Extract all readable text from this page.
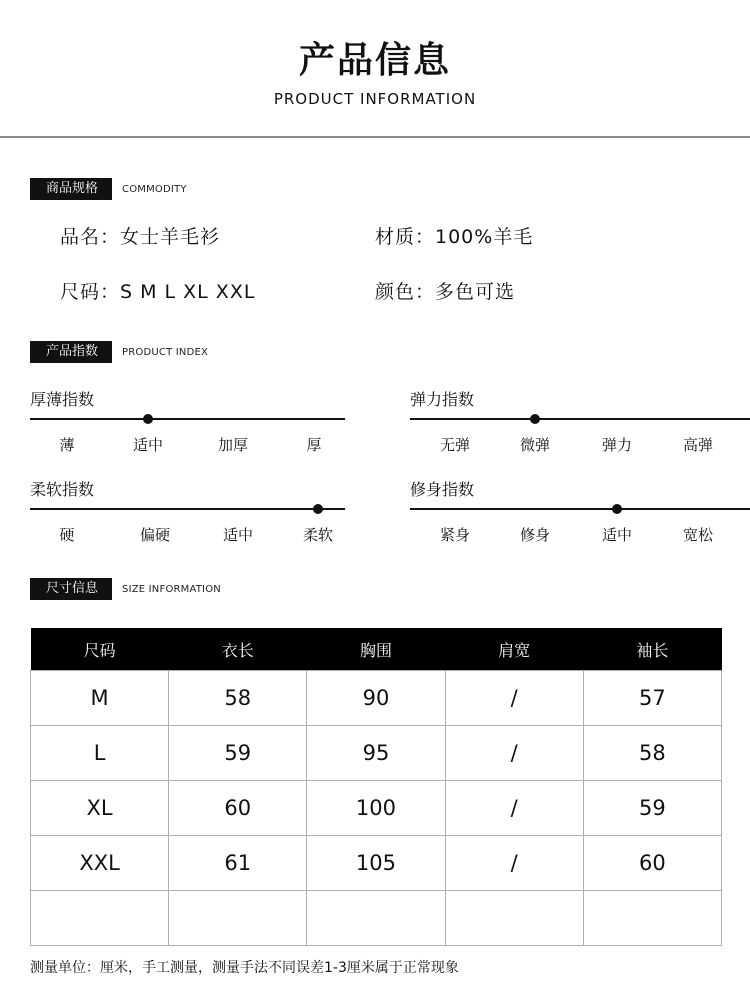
产品信息
PRODUCT INFORMATION
商品规格	COMMODITY
品名：女士羊毛衫	材质：100%羊毛
尺码：S M L XL XXL	颜色：多色可选
产品指数	PRODUCT INDEX
厚薄指数
薄	适中	加厚	厚
弹力指数
无弹	微弹	弹力	高弹
柔软指数
硬	偏硬	适中	柔软
修身指数
紧身	修身	适中	宽松
尺寸信息	SIZE INFORMATION
尺码	衣长	胸围	肩宽	袖长
M	58	90	/	57
L	59	95	/	58
XL	60	100	/	59
XXL	61	105	/	60

测量单位：厘米，手工测量，测量手法不同误差1-3厘米属于正常现象
